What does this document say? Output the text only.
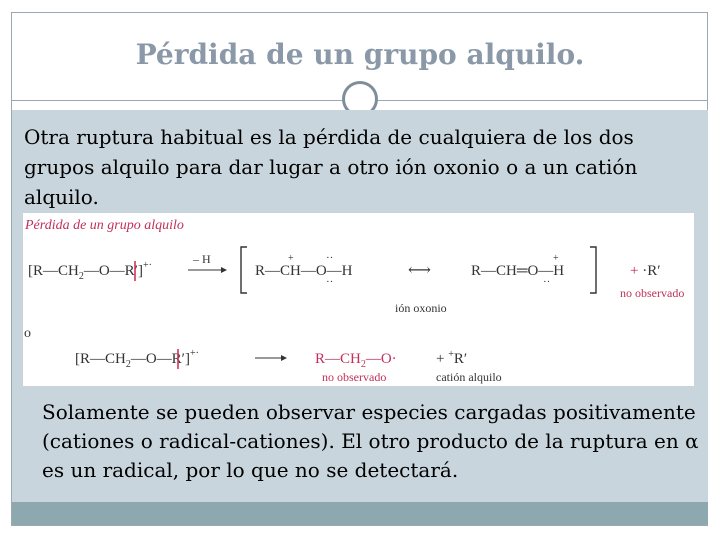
Pérdida de un grupo alquilo.
Otra ruptura habitual es la pérdida de cualquiera de los dos grupos alquilo para dar lugar a otro ión oxonio o a un catión alquilo.
Pérdida de un grupo alquilo
$[R—CH_2—O—R']^{+\cdot}$	– H
R—CH—O—H
+	··
··
⟷	R—CH═O—H
+
··
ión oxonio
+ ·R′
no observado
o
$[R—CH_2—O—R']^{+\cdot}$	$R—CH_2—O\cdot$
no observado
+ +R′
catión alquilo
Solamente se pueden observar especies cargadas positivamente (cationes o radical-cationes). El otro producto de la ruptura en α es un radical, por lo que no se detectará.
